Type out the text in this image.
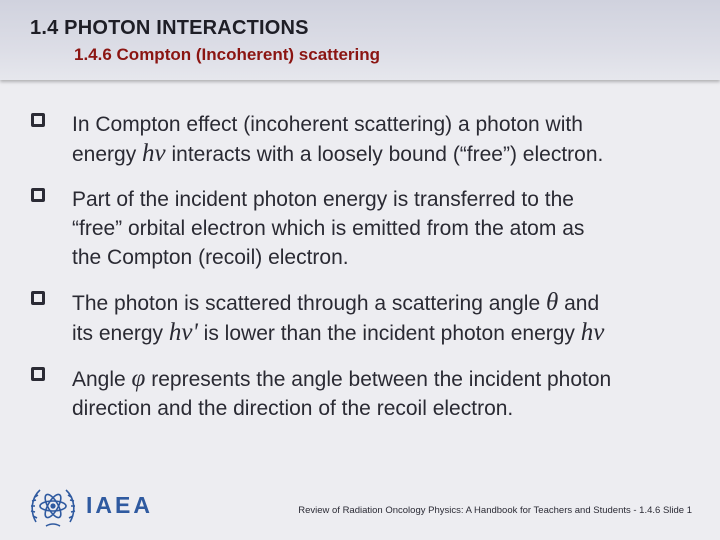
1.4 PHOTON INTERACTIONS
1.4.6 Compton (Incoherent) scattering
In Compton effect (incoherent scattering) a photon with
energy hν interacts with a loosely bound (“free”) electron.
Part of the incident photon energy is transferred to the
“free” orbital electron which is emitted from the atom as
the Compton (recoil) electron.
The photon is scattered through a scattering angle θ and
its energy hν' is lower than the incident photon energy hν
Angle φ represents the angle between the incident photon
direction and the direction of the recoil electron.
IAEA	Review of Radiation Oncology Physics: A Handbook for Teachers and Students - 1.4.6 Slide 1
